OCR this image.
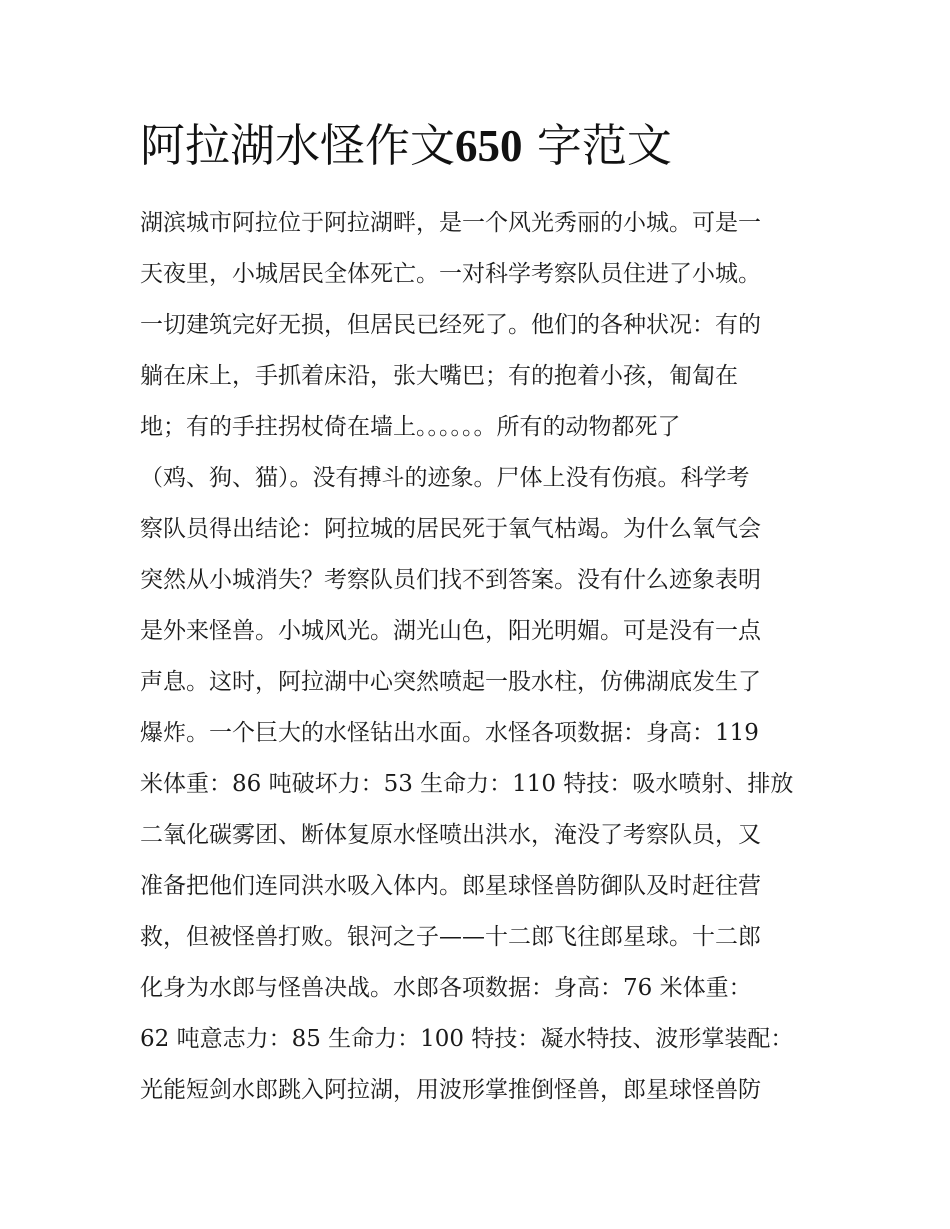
阿拉湖水怪作文650 字范文
湖滨城市阿拉位于阿拉湖畔，是一个风光秀丽的小城。可是一
天夜里，小城居民全体死亡。一对科学考察队员住进了小城。
一切建筑完好无损，但居民已经死了。他们的各种状况：有的
躺在床上，手抓着床沿，张大嘴巴；有的抱着小孩，匍匐在
地；有的手拄拐杖倚在墙上。。。。。。所有的动物都死了
（鸡、狗、猫）。没有搏斗的迹象。尸体上没有伤痕。科学考
察队员得出结论：阿拉城的居民死于氧气枯竭。为什么氧气会
突然从小城消失？考察队员们找不到答案。没有什么迹象表明
是外来怪兽。小城风光。湖光山色，阳光明媚。可是没有一点
声息。这时，阿拉湖中心突然喷起一股水柱，仿佛湖底发生了
爆炸。一个巨大的水怪钻出水面。水怪各项数据：身高：119
米体重：86 吨破坏力：53 生命力：110 特技：吸水喷射、排放
二氧化碳雾团、断体复原水怪喷出洪水，淹没了考察队员，又
准备把他们连同洪水吸入体内。郎星球怪兽防御队及时赶往营
救，但被怪兽打败。银河之子——十二郎飞往郎星球。十二郎
化身为水郎与怪兽决战。水郎各项数据：身高：76 米体重：
62 吨意志力：85 生命力：100 特技：凝水特技、波形掌装配：
光能短剑水郎跳入阿拉湖，用波形掌推倒怪兽，郎星球怪兽防
